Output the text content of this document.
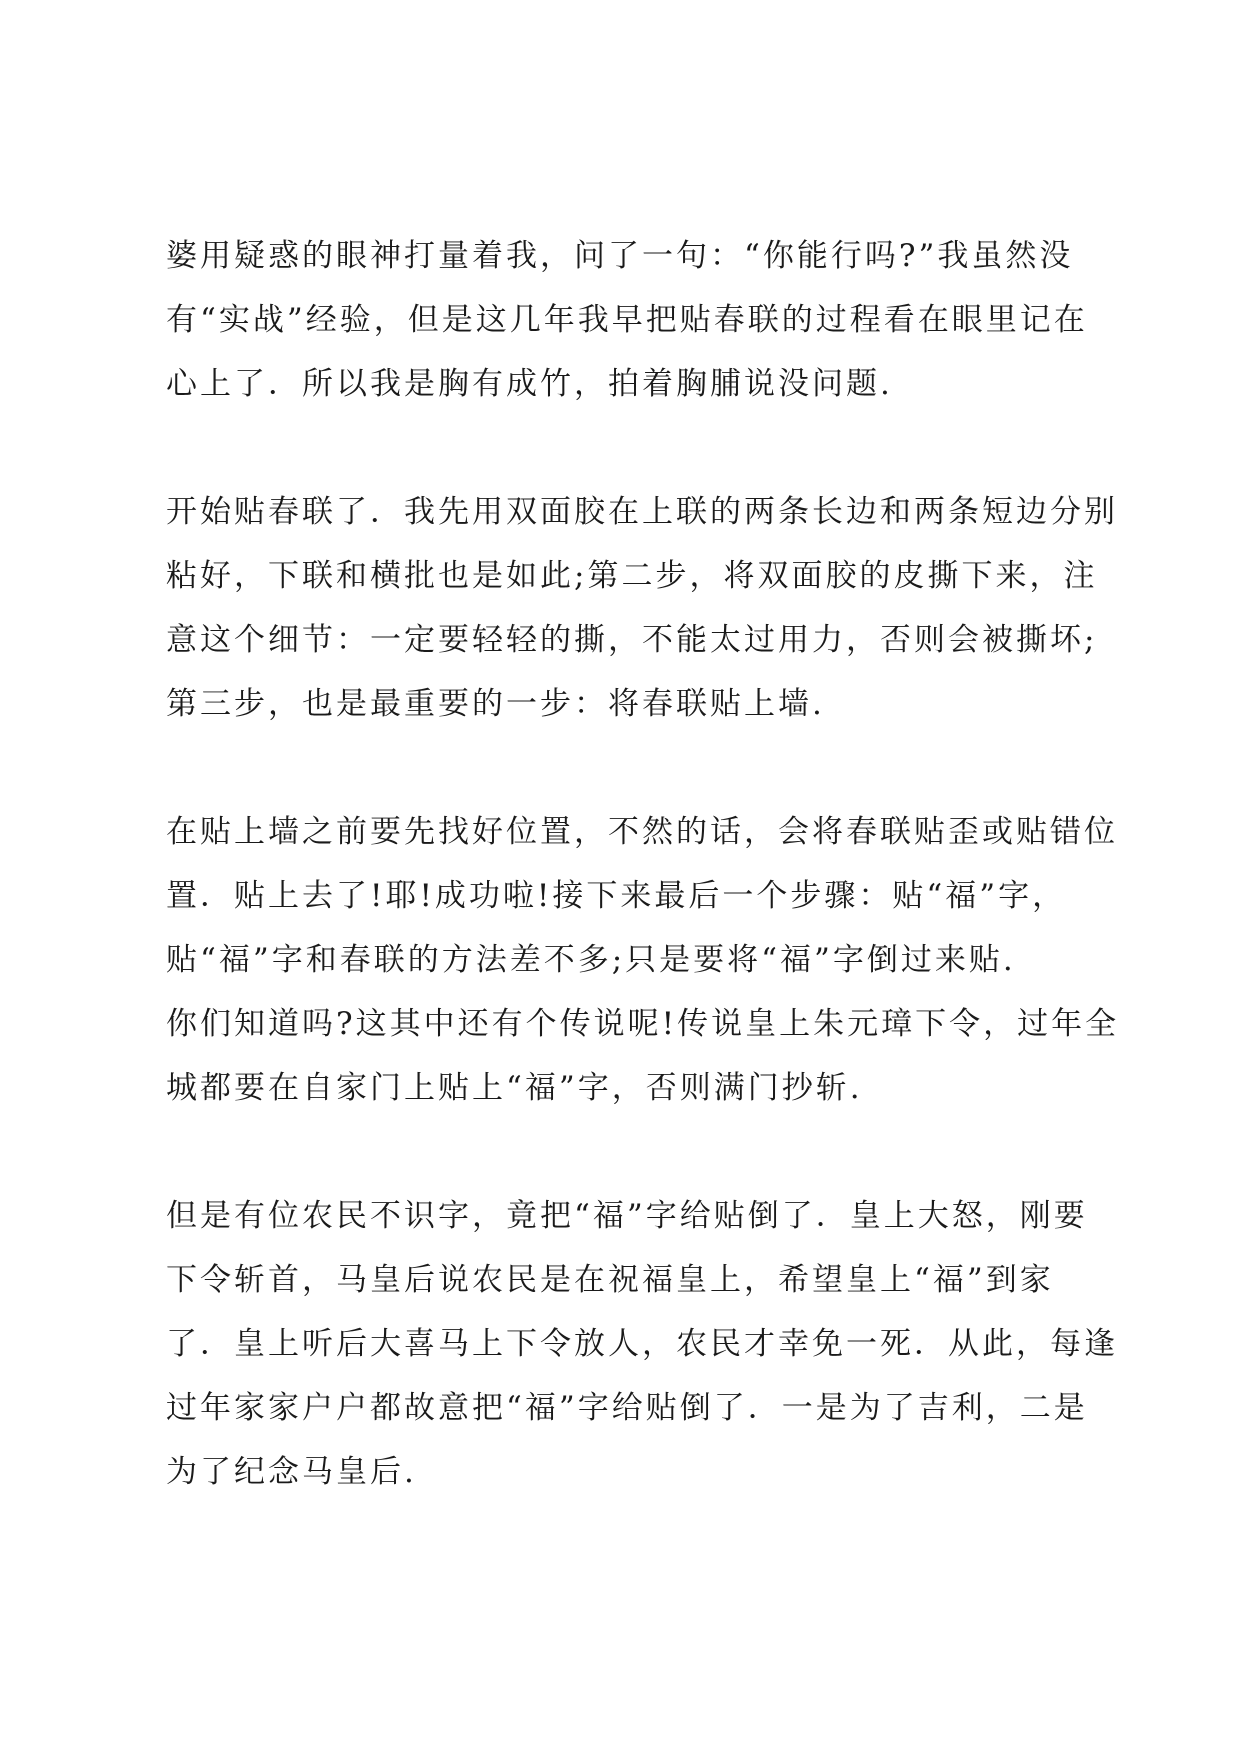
婆用疑惑的眼神打量着我，问了一句：“你能行吗?”我虽然没
有“实战”经验，但是这几年我早把贴春联的过程看在眼里记在
心上了．所以我是胸有成竹，拍着胸脯说没问题.
开始贴春联了．我先用双面胶在上联的两条长边和两条短边分别
粘好，下联和横批也是如此;第二步，将双面胶的皮撕下来，注
意这个细节：一定要轻轻的撕，不能太过用力，否则会被撕坏;
第三步，也是最重要的一步：将春联贴上墙.
在贴上墙之前要先找好位置，不然的话，会将春联贴歪或贴错位
置．贴上去了!耶!成功啦!接下来最后一个步骤：贴“福”字，
贴“福”字和春联的方法差不多;只是要将“福”字倒过来贴.
你们知道吗?这其中还有个传说呢!传说皇上朱元璋下令，过年全
城都要在自家门上贴上“福”字，否则满门抄斩.
但是有位农民不识字，竟把“福”字给贴倒了．皇上大怒，刚要
下令斩首，马皇后说农民是在祝福皇上，希望皇上“福”到家
了．皇上听后大喜马上下令放人，农民才幸免一死．从此，每逢
过年家家户户都故意把“福”字给贴倒了．一是为了吉利，二是
为了纪念马皇后.
